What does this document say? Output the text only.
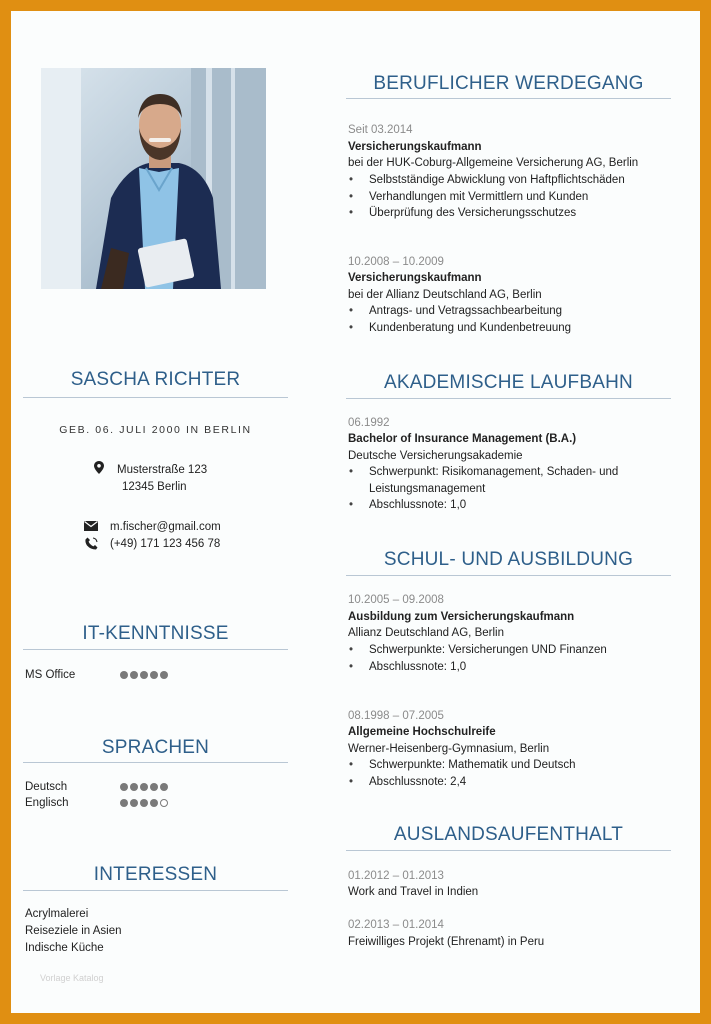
SASCHA RICHTER
GEB. 06. JULI 2000 IN BERLIN
Musterstraße 123
12345 Berlin
m.fischer@gmail.com
(+49) 171 123 456 78
IT-KENNTNISSE
MS Office
SPRACHEN
Deutsch
Englisch
INTERESSEN
Acrylmalerei
Reiseziele in Asien
Indische Küche
Vorlage Katalog
BERUFLICHER WERDEGANG
Seit 03.2014
Versicherungskaufmann
bei der HUK-Coburg-Allgemeine Versicherung AG, Berlin
• Selbstständige Abwicklung von Haftpflichtschäden
• Verhandlungen mit Vermittlern und Kunden
• Überprüfung des Versicherungsschutzes
10.2008 – 10.2009
Versicherungskaufmann
bei der Allianz Deutschland AG, Berlin
• Antrags- und Vetragssachbearbeitung
• Kundenberatung und Kundenbetreuung
AKADEMISCHE LAUFBAHN
06.1992
Bachelor of Insurance Management (B.A.)
Deutsche Versicherungsakademie
• Schwerpunkt: Risikomanagement, Schaden- und
Leistungsmanagement
• Abschlussnote: 1,0
SCHUL- UND AUSBILDUNG
10.2005 – 09.2008
Ausbildung zum Versicherungskaufmann
Allianz Deutschland AG, Berlin
• Schwerpunkte: Versicherungen UND Finanzen
• Abschlussnote: 1,0
08.1998 – 07.2005
Allgemeine Hochschulreife
Werner-Heisenberg-Gymnasium, Berlin
• Schwerpunkte: Mathematik und Deutsch
• Abschlussnote: 2,4
AUSLANDSAUFENTHALT
01.2012 – 01.2013
Work and Travel in Indien
02.2013 – 01.2014
Freiwilliges Projekt (Ehrenamt) in Peru
